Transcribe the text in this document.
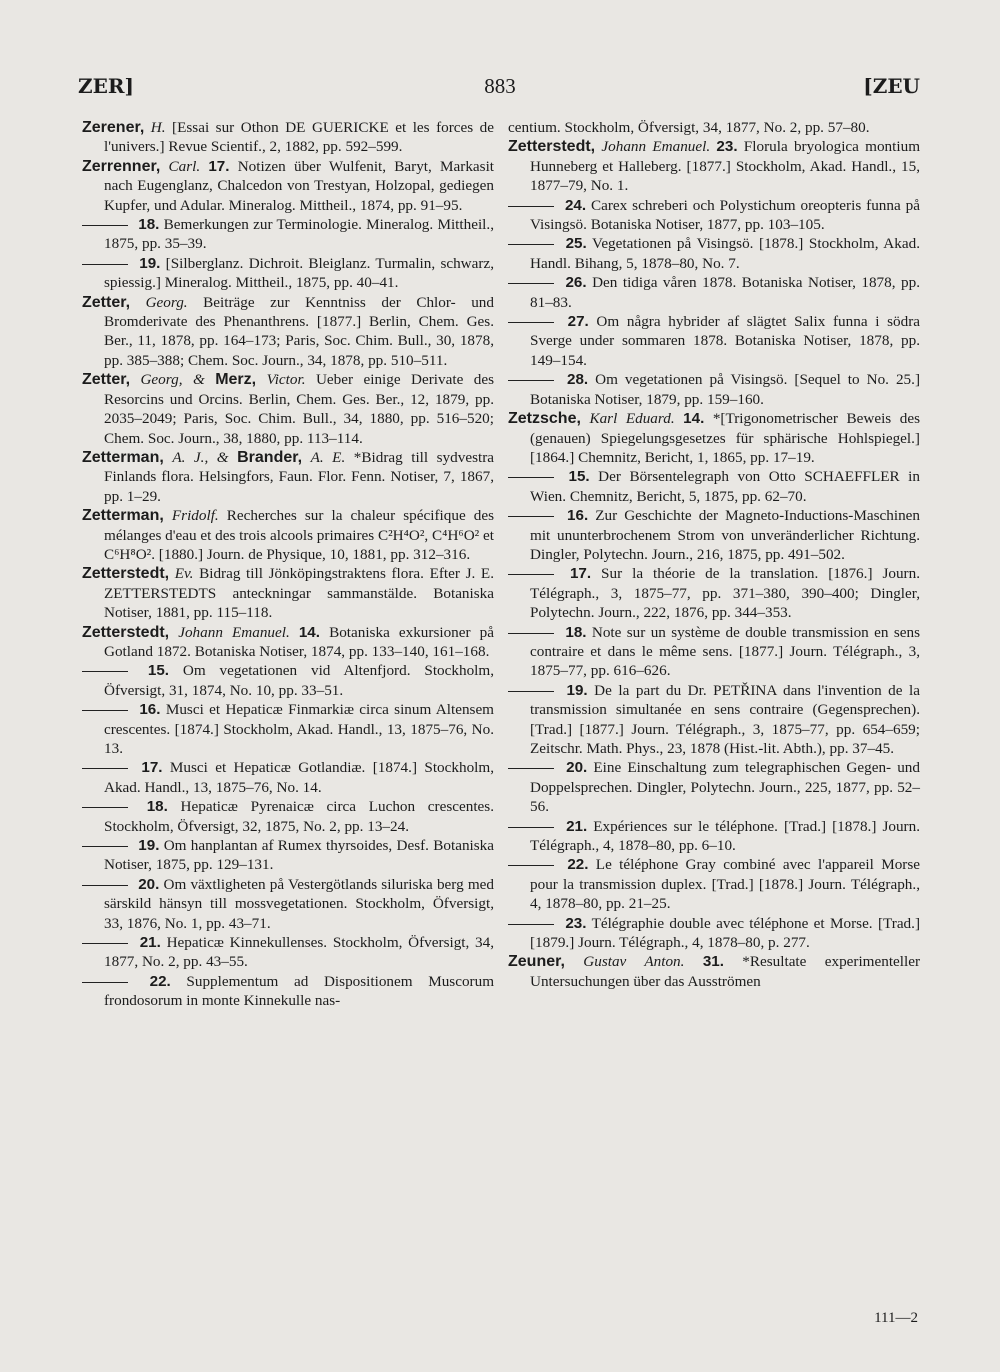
ZER]	883	[ZEU

Zerener, H. [Essai sur Othon DE GUERICKE et les forces de l'univers.] Revue Scientif., 2, 1882, pp. 592–599.

Zerrenner, Carl. 17. Notizen über Wulfenit, Baryt, Markasit nach Eugenglanz, Chalcedon von Trestyan, Holzopal, gediegen Kupfer, und Adular. Mineralog. Mittheil., 1874, pp. 91–95.

18. Bemerkungen zur Terminologie. Mineralog. Mittheil., 1875, pp. 35–39.

19. [Silberglanz. Dichroit. Bleiglanz. Turmalin, schwarz, spiessig.] Mineralog. Mittheil., 1875, pp. 40–41.

Zetter, Georg. Beiträge zur Kenntniss der Chlor- und Bromderivate des Phenanthrens. [1877.] Berlin, Chem. Ges. Ber., 11, 1878, pp. 164–173; Paris, Soc. Chim. Bull., 30, 1878, pp. 385–388; Chem. Soc. Journ., 34, 1878, pp. 510–511.

Zetter, Georg, & Merz, Victor. Ueber einige Derivate des Resorcins und Orcins. Berlin, Chem. Ges. Ber., 12, 1879, pp. 2035–2049; Paris, Soc. Chim. Bull., 34, 1880, pp. 516–520; Chem. Soc. Journ., 38, 1880, pp. 113–114.

Zetterman, A. J., & Brander, A. E. *Bidrag till sydvestra Finlands flora. Helsingfors, Faun. Flor. Fenn. Notiser, 7, 1867, pp. 1–29.

Zetterman, Fridolf. Recherches sur la chaleur spécifique des mélanges d'eau et des trois alcools primaires C²H⁴O², C⁴H⁶O² et C⁶H⁸O². [1880.] Journ. de Physique, 10, 1881, pp. 312–316.

Zetterstedt, Ev. Bidrag till Jönköpingstraktens flora. Efter J. E. ZETTERSTEDTS anteckningar sammanstälde. Botaniska Notiser, 1881, pp. 115–118.

Zetterstedt, Johann Emanuel. 14. Botaniska exkursioner på Gotland 1872. Botaniska Notiser, 1874, pp. 133–140, 161–168.

15. Om vegetationen vid Altenfjord. Stockholm, Öfversigt, 31, 1874, No. 10, pp. 33–51.

16. Musci et Hepaticæ Finmarkiæ circa sinum Altensem crescentes. [1874.] Stockholm, Akad. Handl., 13, 1875–76, No. 13.

17. Musci et Hepaticæ Gotlandiæ. [1874.] Stockholm, Akad. Handl., 13, 1875–76, No. 14.

18. Hepaticæ Pyrenaicæ circa Luchon crescentes. Stockholm, Öfversigt, 32, 1875, No. 2, pp. 13–24.

19. Om hanplantan af Rumex thyrsoides, Desf. Botaniska Notiser, 1875, pp. 129–131.

20. Om växtligheten på Vestergötlands siluriska berg med särskild hänsyn till mossvegetationen. Stockholm, Öfversigt, 33, 1876, No. 1, pp. 43–71.

21. Hepaticæ Kinnekullenses. Stockholm, Öfversigt, 34, 1877, No. 2, pp. 43–55.

22. Supplementum ad Dispositionem Muscorum frondosorum in monte Kinnekulle nas-

centium. Stockholm, Öfversigt, 34, 1877, No. 2, pp. 57–80.

Zetterstedt, Johann Emanuel. 23. Florula bryologica montium Hunneberg et Halleberg. [1877.] Stockholm, Akad. Handl., 15, 1877–79, No. 1.

24. Carex schreberi och Polystichum oreopteris funna på Visingsö. Botaniska Notiser, 1877, pp. 103–105.

25. Vegetationen på Visingsö. [1878.] Stockholm, Akad. Handl. Bihang, 5, 1878–80, No. 7.

26. Den tidiga våren 1878. Botaniska Notiser, 1878, pp. 81–83.

27. Om några hybrider af slägtet Salix funna i södra Sverge under sommaren 1878. Botaniska Notiser, 1878, pp. 149–154.

28. Om vegetationen på Visingsö. [Sequel to No. 25.] Botaniska Notiser, 1879, pp. 159–160.

Zetzsche, Karl Eduard. 14. *[Trigonometrischer Beweis des (genauen) Spiegelungsgesetzes für sphärische Hohlspiegel.] [1864.] Chemnitz, Bericht, 1, 1865, pp. 17–19.

15. Der Börsentelegraph von Otto SCHAEFFLER in Wien. Chemnitz, Bericht, 5, 1875, pp. 62–70.

16. Zur Geschichte der Magneto-Inductions-Maschinen mit ununterbrochenem Strom von unveränderlicher Richtung. Dingler, Polytechn. Journ., 216, 1875, pp. 491–502.

17. Sur la théorie de la translation. [1876.] Journ. Télégraph., 3, 1875–77, pp. 371–380, 390–400; Dingler, Polytechn. Journ., 222, 1876, pp. 344–353.

18. Note sur un système de double transmission en sens contraire et dans le même sens. [1877.] Journ. Télégraph., 3, 1875–77, pp. 616–626.

19. De la part du Dr. PETŘINA dans l'invention de la transmission simultanée en sens contraire (Gegensprechen). [Trad.] [1877.] Journ. Télégraph., 3, 1875–77, pp. 654–659; Zeitschr. Math. Phys., 23, 1878 (Hist.-lit. Abth.), pp. 37–45.

20. Eine Einschaltung zum telegraphischen Gegen- und Doppelsprechen. Dingler, Polytechn. Journ., 225, 1877, pp. 52–56.

21. Expériences sur le téléphone. [Trad.] [1878.] Journ. Télégraph., 4, 1878–80, pp. 6–10.

22. Le téléphone Gray combiné avec l'appareil Morse pour la transmission duplex. [Trad.] [1878.] Journ. Télégraph., 4, 1878–80, pp. 21–25.

23. Télégraphie double avec téléphone et Morse. [Trad.] [1879.] Journ. Télégraph., 4, 1878–80, p. 277.

Zeuner, Gustav Anton. 31. *Resultate experimenteller Untersuchungen über das Ausströmen

111—2
